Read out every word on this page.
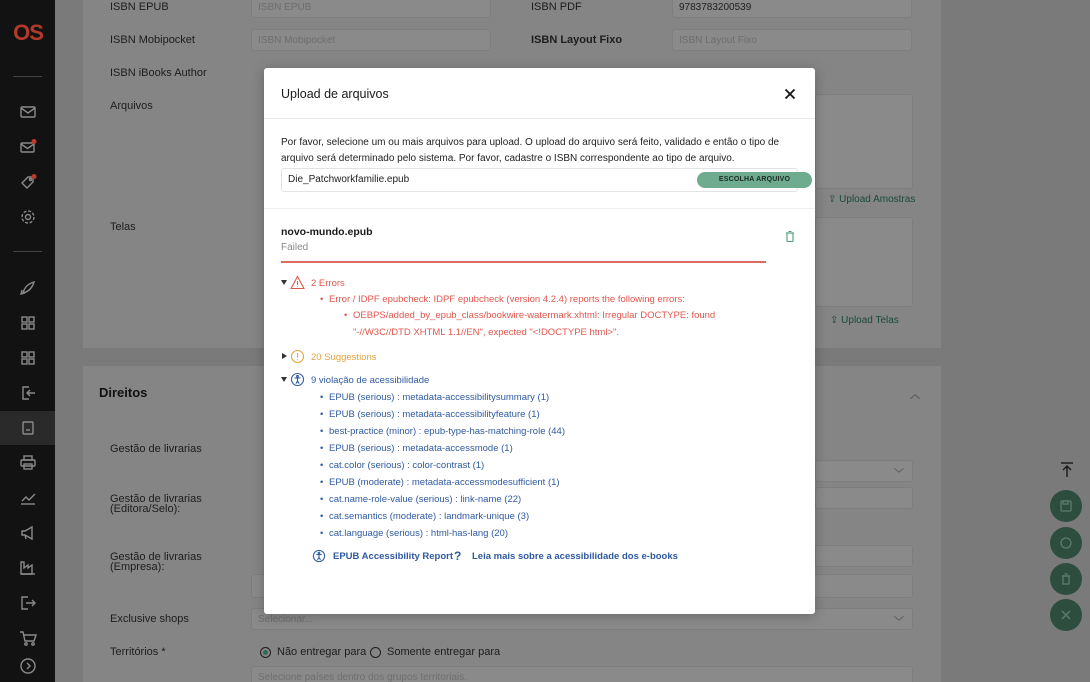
OS
ISBN EPUB	ISBN EPUB	ISBN PDF	9783783200539
ISBN Mobipocket	ISBN Mobipocket	ISBN Layout Fixo	ISBN Layout Fixo
ISBN iBooks Author
Arquivos
⇪ Upload Amostras
Telas
⇪ Upload Telas
Direitos	︿
Gestão de livrarias
﹀
Gestão de livrarias (Editora/Selo):
Gestão de livrarias (Empresa):
Exclusive shops	Selecionar...	﹀
Territórios *	Não entregar para Somente entregar para
Selecione países dentro dos grupos territoriais.
Upload de arquivos
Por favor, selecione um ou mais arquivos para upload. O upload do arquivo será feito, validado e então o tipo de arquivo será determinado pelo sistema. Por favor, cadastre o ISBN correspondente ao tipo de arquivo.
Die_Patchworkfamilie.epub	ESCOLHA ARQUIVO
novo-mundo.epub
Failed
2 Errors
• Error / IDPF epubcheck: IDPF epubcheck (version 4.2.4) reports the following errors:
• OEBPS/added_by_epub_class/bookwire-watermark.xhtml: Irregular DOCTYPE: found
"-//W3C//DTD XHTML 1.1//EN", expected "<!DOCTYPE html>".
20 Suggestions
9 violação de acessibilidade
• EPUB (serious) : metadata-accessibilitysummary (1)
• EPUB (serious) : metadata-accessibilityfeature (1)
• best-practice (minor) : epub-type-has-matching-role (44)
• EPUB (serious) : metadata-accessmode (1)
• cat.color (serious) : color-contrast (1)
• EPUB (moderate) : metadata-accessmodesufficient (1)
• cat.name-role-value (serious) : link-name (22)
• cat.semantics (moderate) : landmark-unique (3)
• cat.language (serious) : html-has-lang (20)
EPUB Accessibility Report ? Leia mais sobre a acessibilidade dos e-books
